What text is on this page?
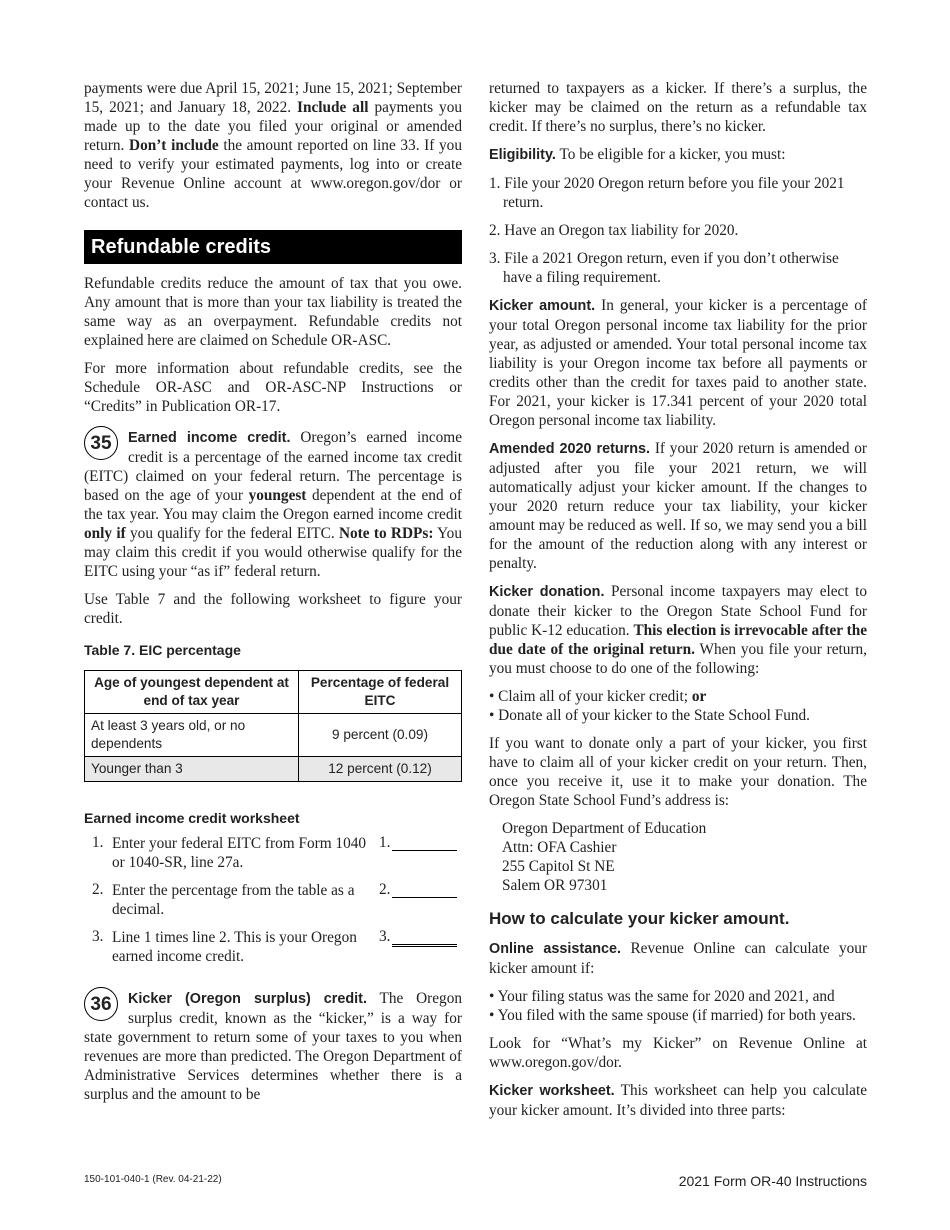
payments were due April 15, 2021; June 15, 2021; September 15, 2021; and January 18, 2022. Include all payments you made up to the date you filed your original or amended return. Don’t include the amount reported on line 33. If you need to verify your estimated payments, log into or create your Revenue Online account at www.oregon.gov/dor or contact us.

Refundable credits

Refundable credits reduce the amount of tax that you owe. Any amount that is more than your tax liability is treated the same way as an overpayment. Refundable credits not explained here are claimed on Schedule OR-ASC.

For more information about refundable credits, see the Schedule OR-ASC and OR-ASC-NP Instructions or “Credits” in Publication OR-17.

35	Earned income credit. Oregon’s earned income credit is a percentage of the earned income tax credit (EITC) claimed on your federal return. The percentage is based on the age of your youngest dependent at the end of the tax year. You may claim the Oregon earned income credit only if you qualify for the federal EITC. Note to RDPs: You may claim this credit if you would otherwise qualify for the EITC using your “as if” federal return.

Use Table 7 and the following worksheet to figure your credit.

Table 7. EIC percentage
Age of youngest dependent at end of tax year	Percentage of federal EITC
At least 3 years old, or no dependents	9 percent (0.09)
Younger than 3	12 percent (0.12)
Earned income credit worksheet
1. Enter your federal EITC from Form 1040 or 1040-SR, line 27a.
1.
2. Enter the percentage from the table as a decimal.
2.
3. Line 1 times line 2. This is your Oregon earned income credit.
3.

36	Kicker (Oregon surplus) credit. The Oregon surplus credit, known as the “kicker,” is a way for state government to return some of your taxes to you when revenues are more than predicted. The Oregon Department of Administrative Services determines whether there is a surplus and the amount to be

returned to taxpayers as a kicker. If there’s a surplus, the kicker may be claimed on the return as a refundable tax credit. If there’s no surplus, there’s no kicker.

Eligibility. To be eligible for a kicker, you must:

1. File your 2020 Oregon return before you file your 2021 return.
2. Have an Oregon tax liability for 2020.
3. File a 2021 Oregon return, even if you don’t otherwise have a filing requirement.

Kicker amount. In general, your kicker is a percentage of your total Oregon personal income tax liability for the prior year, as adjusted or amended. Your total personal income tax liability is your Oregon income tax before all payments or credits other than the credit for taxes paid to another state. For 2021, your kicker is 17.341 percent of your 2020 total Oregon personal income tax liability.

Amended 2020 returns. If your 2020 return is amended or adjusted after you file your 2021 return, we will automatically adjust your kicker amount. If the changes to your 2020 return reduce your tax liability, your kicker amount may be reduced as well. If so, we may send you a bill for the amount of the reduction along with any interest or penalty.

Kicker donation. Personal income taxpayers may elect to donate their kicker to the Oregon State School Fund for public K-12 education. This election is irrevocable after the due date of the original return. When you file your return, you must choose to do one of the following:

• Claim all of your kicker credit; or
• Donate all of your kicker to the State School Fund.

If you want to donate only a part of your kicker, you first have to claim all of your kicker credit on your return. Then, once you receive it, use it to make your donation. The Oregon State School Fund’s address is:

Oregon Department of Education
Attn: OFA Cashier
255 Capitol St NE
Salem OR 97301
How to calculate your kicker amount.

Online assistance. Revenue Online can calculate your kicker amount if:

• Your filing status was the same for 2020 and 2021, and
• You filed with the same spouse (if married) for both years.

Look for “What’s my Kicker” on Revenue Online at www.oregon.gov/dor.

Kicker worksheet. This worksheet can help you calculate your kicker amount. It’s divided into three parts:

150-101-040-1 (Rev. 04-21-22)	2021 Form OR-40 Instructions
